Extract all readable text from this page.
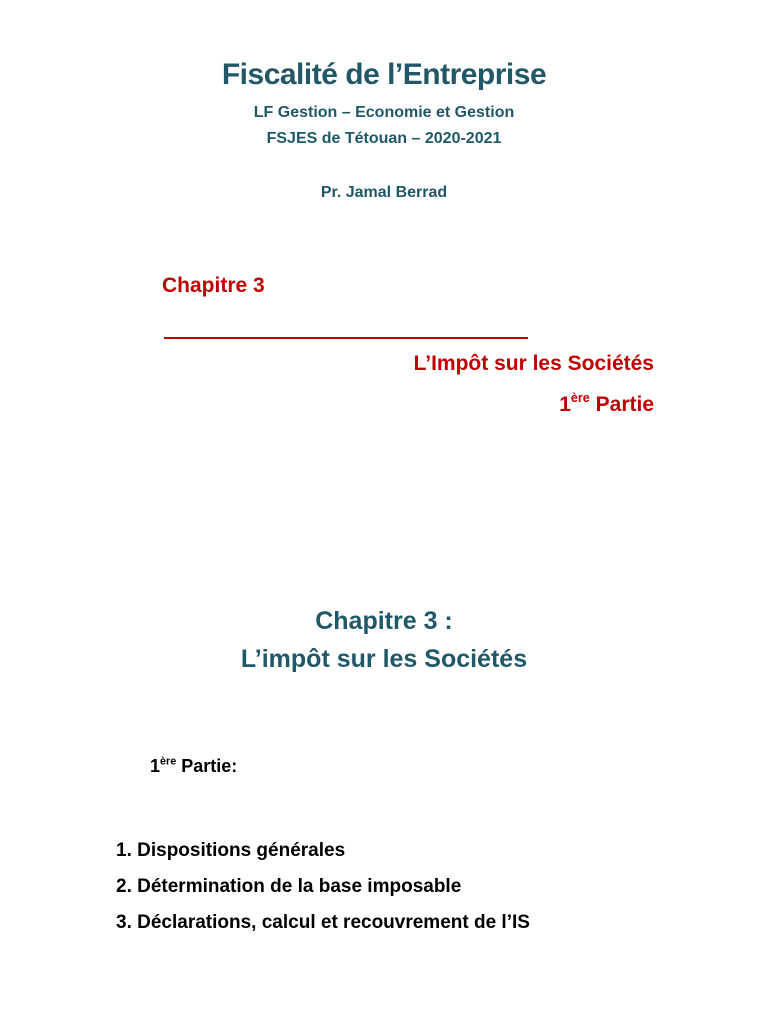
Fiscalité de l’Entreprise
LF Gestion – Economie et Gestion
FSJES de Tétouan – 2020-2021
Pr. Jamal Berrad
Chapitre 3
L’Impôt sur les Sociétés
1ère Partie
Chapitre 3 :
L’impôt sur les Sociétés
1ère Partie:
1. Dispositions générales
2. Détermination de la base imposable
3. Déclarations, calcul et recouvrement de l’IS
